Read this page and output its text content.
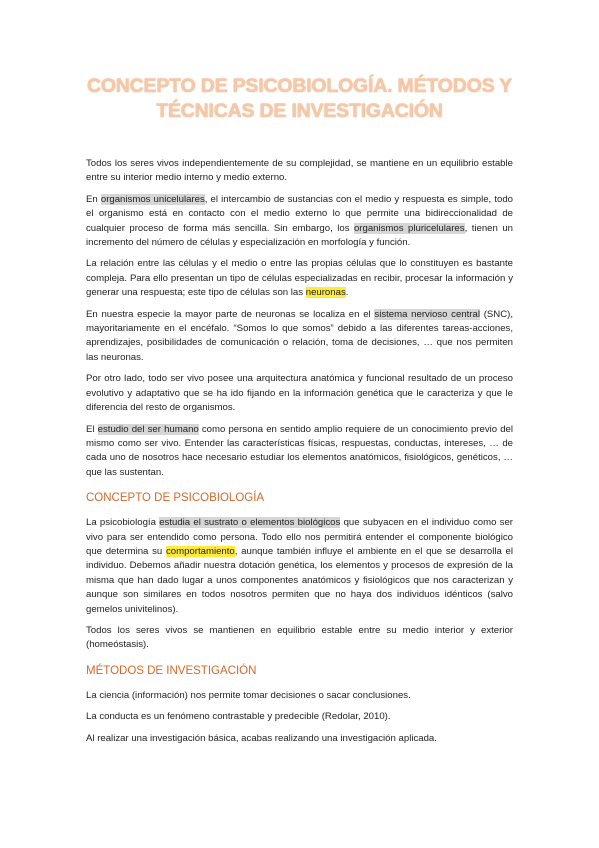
CONCEPTO DE PSICOBIOLOGÍA. MÉTODOS Y
TÉCNICAS DE INVESTIGACIÓN

Todos los seres vivos independientemente de su complejidad, se mantiene en un equilibrio estable entre su interior medio interno y medio externo.

En organismos unicelulares, el intercambio de sustancias con el medio y respuesta es simple, todo el organismo está en contacto con el medio externo lo que permite una bidireccionalidad de cualquier proceso de forma más sencilla. Sin embargo, los organismos pluricelulares, tienen un incremento del número de células y especialización en morfología y función.

La relación entre las células y el medio o entre las propias células que lo constituyen es bastante compleja. Para ello presentan un tipo de células especializadas en recibir, procesar la información y generar una respuesta; este tipo de células son las neuronas.

En nuestra especie la mayor parte de neuronas se localiza en el sistema nervioso central (SNC), mayoritariamente en el encéfalo. “Somos lo que somos” debido a las diferentes tareas-acciones, aprendizajes, posibilidades de comunicación o relación, toma de decisiones, … que nos permiten las neuronas.

Por otro lado, todo ser vivo posee una arquitectura anatómica y funcional resultado de un proceso evolutivo y adaptativo que se ha ido fijando en la información genética que le caracteriza y que le diferencia del resto de organismos.

El estudio del ser humano como persona en sentido amplio requiere de un conocimiento previo del mismo como ser vivo. Entender las características físicas, respuestas, conductas, intereses, … de cada uno de nosotros hace necesario estudiar los elementos anatómicos, fisiológicos, genéticos, … que las sustentan.

CONCEPTO DE PSICOBIOLOGÍA

La psicobiología estudia el sustrato o elementos biológicos que subyacen en el individuo como ser vivo para ser entendido como persona. Todo ello nos permitirá entender el componente biológico que determina su comportamiento, aunque también influye el ambiente en el que se desarrolla el individuo. Debemos añadir nuestra dotación genética, los elementos y procesos de expresión de la misma que han dado lugar a unos componentes anatómicos y fisiológicos que nos caracterizan y aunque son similares en todos nosotros permiten que no haya dos individuos idénticos (salvo gemelos univitelinos).

Todos los seres vivos se mantienen en equilibrio estable entre su medio interior y exterior (homeóstasis).

MÉTODOS DE INVESTIGACIÓN

La ciencia (información) nos permite tomar decisiones o sacar conclusiones.

La conducta es un fenómeno contrastable y predecible (Redolar, 2010).

Al realizar una investigación básica, acabas realizando una investigación aplicada.
